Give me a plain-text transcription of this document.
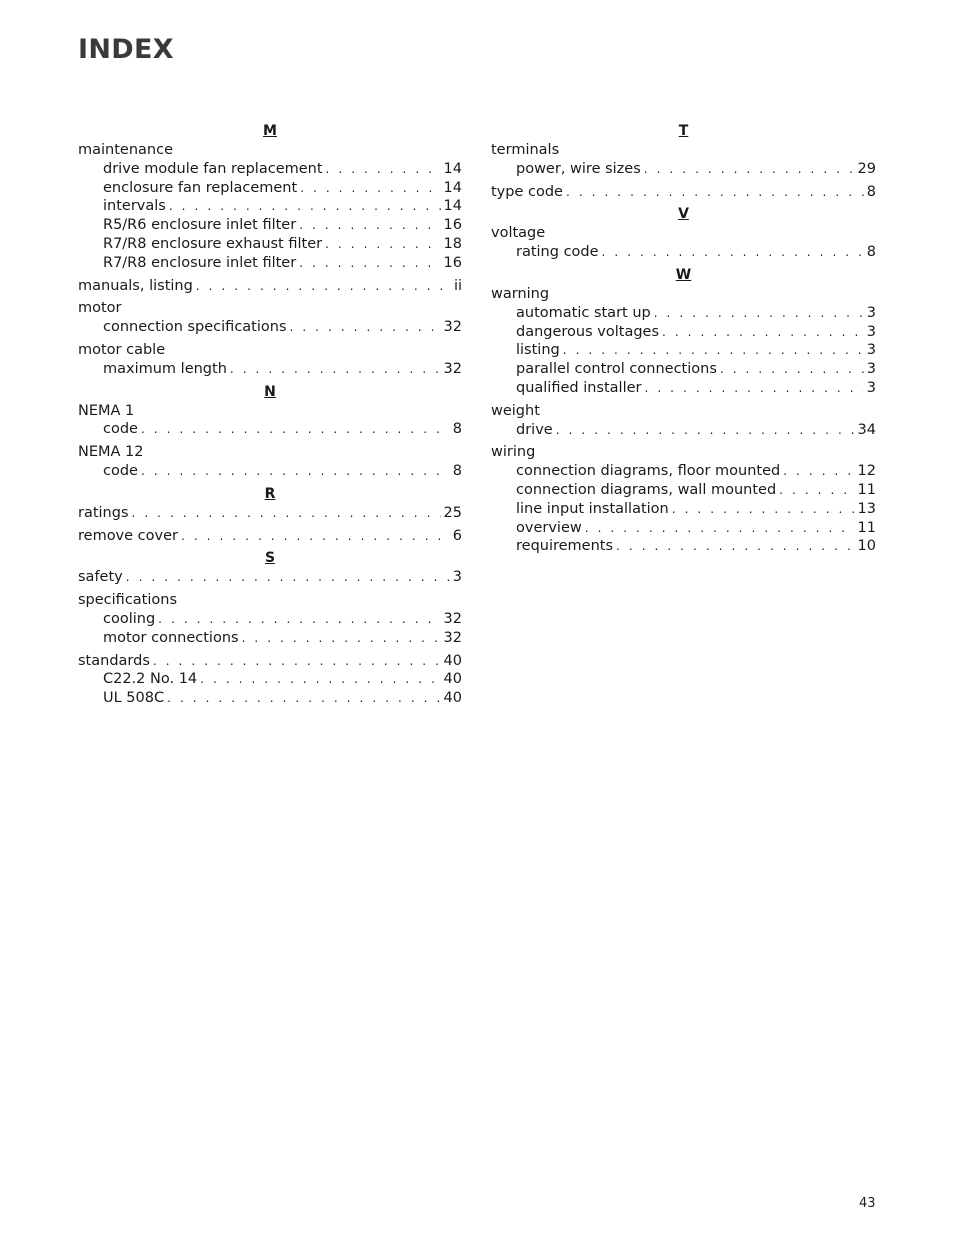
INDEX
M
maintenance
drive module fan replacement . . .	14
enclosure fan replacement . . .	14
intervals . . .	14
R5/R6 enclosure inlet filter . . .	16
R7/R8 enclosure exhaust filter . . .	18
R7/R8 enclosure inlet filter . . .	16
manuals, listing . . .	ii
motor
connection specifications . . .	32
motor cable
maximum length . . .	32
N
NEMA 1
code . . .	8
NEMA 12
code . . .	8
R
ratings . . .	25
remove cover . . .	6
S
safety . . .	3
specifications
cooling . . .	32
motor connections . . .	32
standards . . .	40
C22.2 No. 14 . . .	40
UL 508C . . .	40
T
terminals
power, wire sizes . . .	29
type code . . .	8
V
voltage
rating code . . .	8
W
warning
automatic start up . . .	3
dangerous voltages . . .	3
listing . . .	3
parallel control connections . . .	3
qualified installer . . .	3
weight
drive . . .	34
wiring
connection diagrams, floor mounted . . .	12
connection diagrams, wall mounted . . .	11
line input installation . . .	13
overview . . .	11
requirements . . .	10
43
